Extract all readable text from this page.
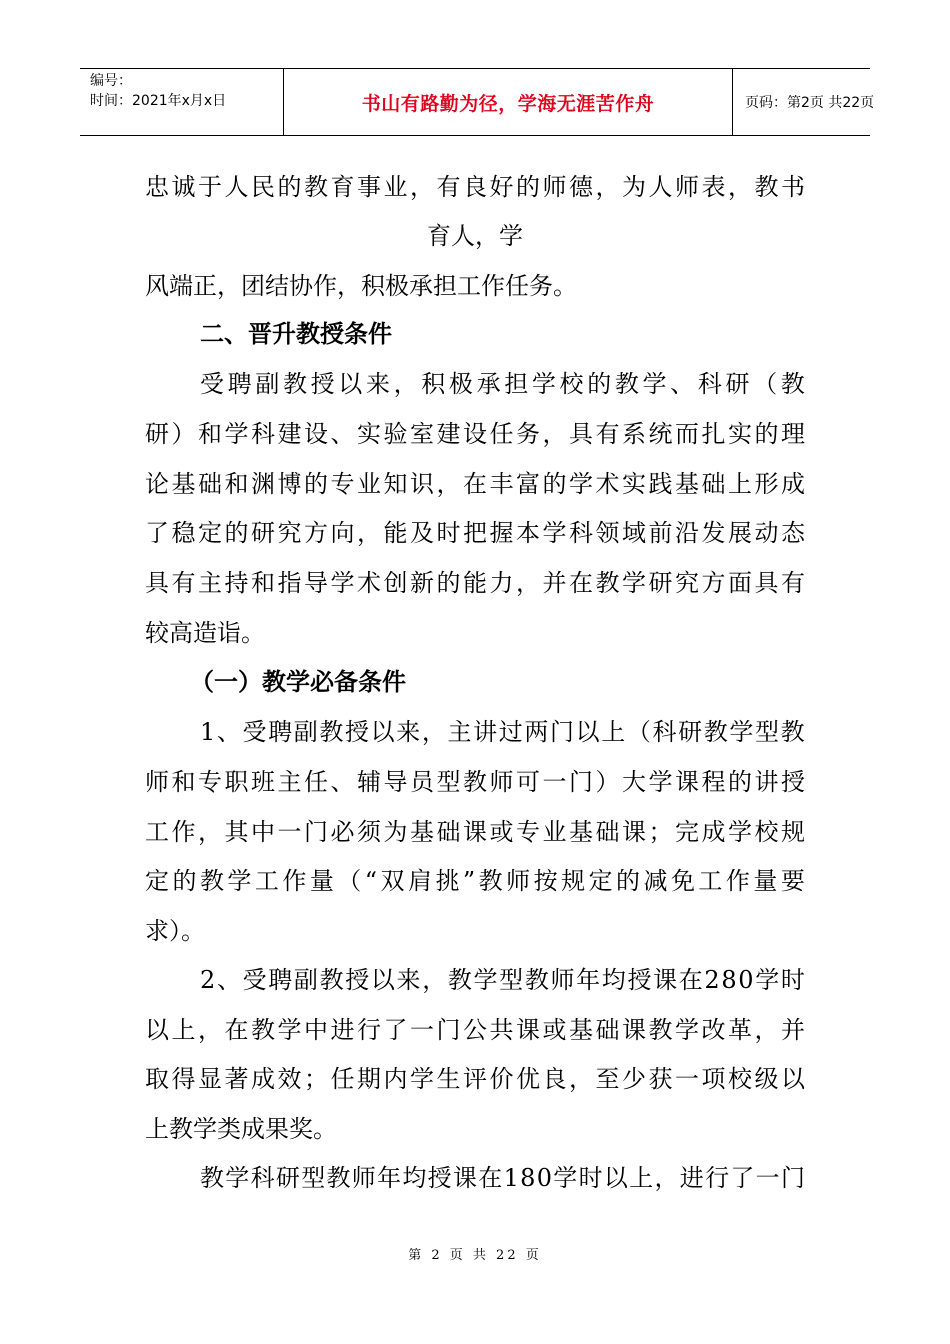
编号：
时间：2021年x月x日	书山有路勤为径，学海无涯苦作舟	页码：第2页 共22页
忠 诚 于 人 民 的 教 育 事 业 ， 有 良 好 的 师 德 ， 为 人 师 表 ， 教 书
育人，学
风端正，团结协作，积极承担工作任务。
二、晋升教授条件
受 聘 副 教 授 以 来 ， 积 极 承 担 学 校 的 教 学 、 科 研 （ 教
研 ） 和 学 科 建 设 、 实 验 室 建 设 任 务 ， 具 有 系 统 而 扎 实 的 理
论 基 础 和 渊 博 的 专 业 知 识 ， 在 丰 富 的 学 术 实 践 基 础 上 形 成
了 稳 定 的 研 究 方 向 ， 能 及 时 把 握 本 学 科 领 域 前 沿 发 展 动 态
具 有 主 持 和 指 导 学 术 创 新 的 能 力 ， 并 在 教 学 研 究 方 面 具 有
较高造诣。
（一）教学必备条件
1 、 受 聘 副 教 授 以 来 ， 主 讲 过 两 门 以 上 （ 科 研 教 学 型 教
师 和 专 职 班 主 任 、 辅 导 员 型 教 师 可 一 门 ） 大 学 课 程 的 讲 授
工 作 ， 其 中 一 门 必 须 为 基 础 课 或 专 业 基 础 课 ； 完 成 学 校 规
定 的 教 学 工 作 量 （ “ 双 肩 挑 ” 教 师 按 规 定 的 减 免 工 作 量 要
求）。
2 、 受 聘 副 教 授 以 来 ， 教 学 型 教 师 年 均 授 课 在 2 8 0 学 时
以 上 ， 在 教 学 中 进 行 了 一 门 公 共 课 或 基 础 课 教 学 改 革 ， 并
取 得 显 著 成 效 ； 任 期 内 学 生 评 价 优 良 ， 至 少 获 一 项 校 级 以
上教学类成果奖。
教 学 科 研 型 教 师 年 均 授 课 在 1 8 0 学 时 以 上 ， 进 行 了 一 门
第 2 页 共 22 页
